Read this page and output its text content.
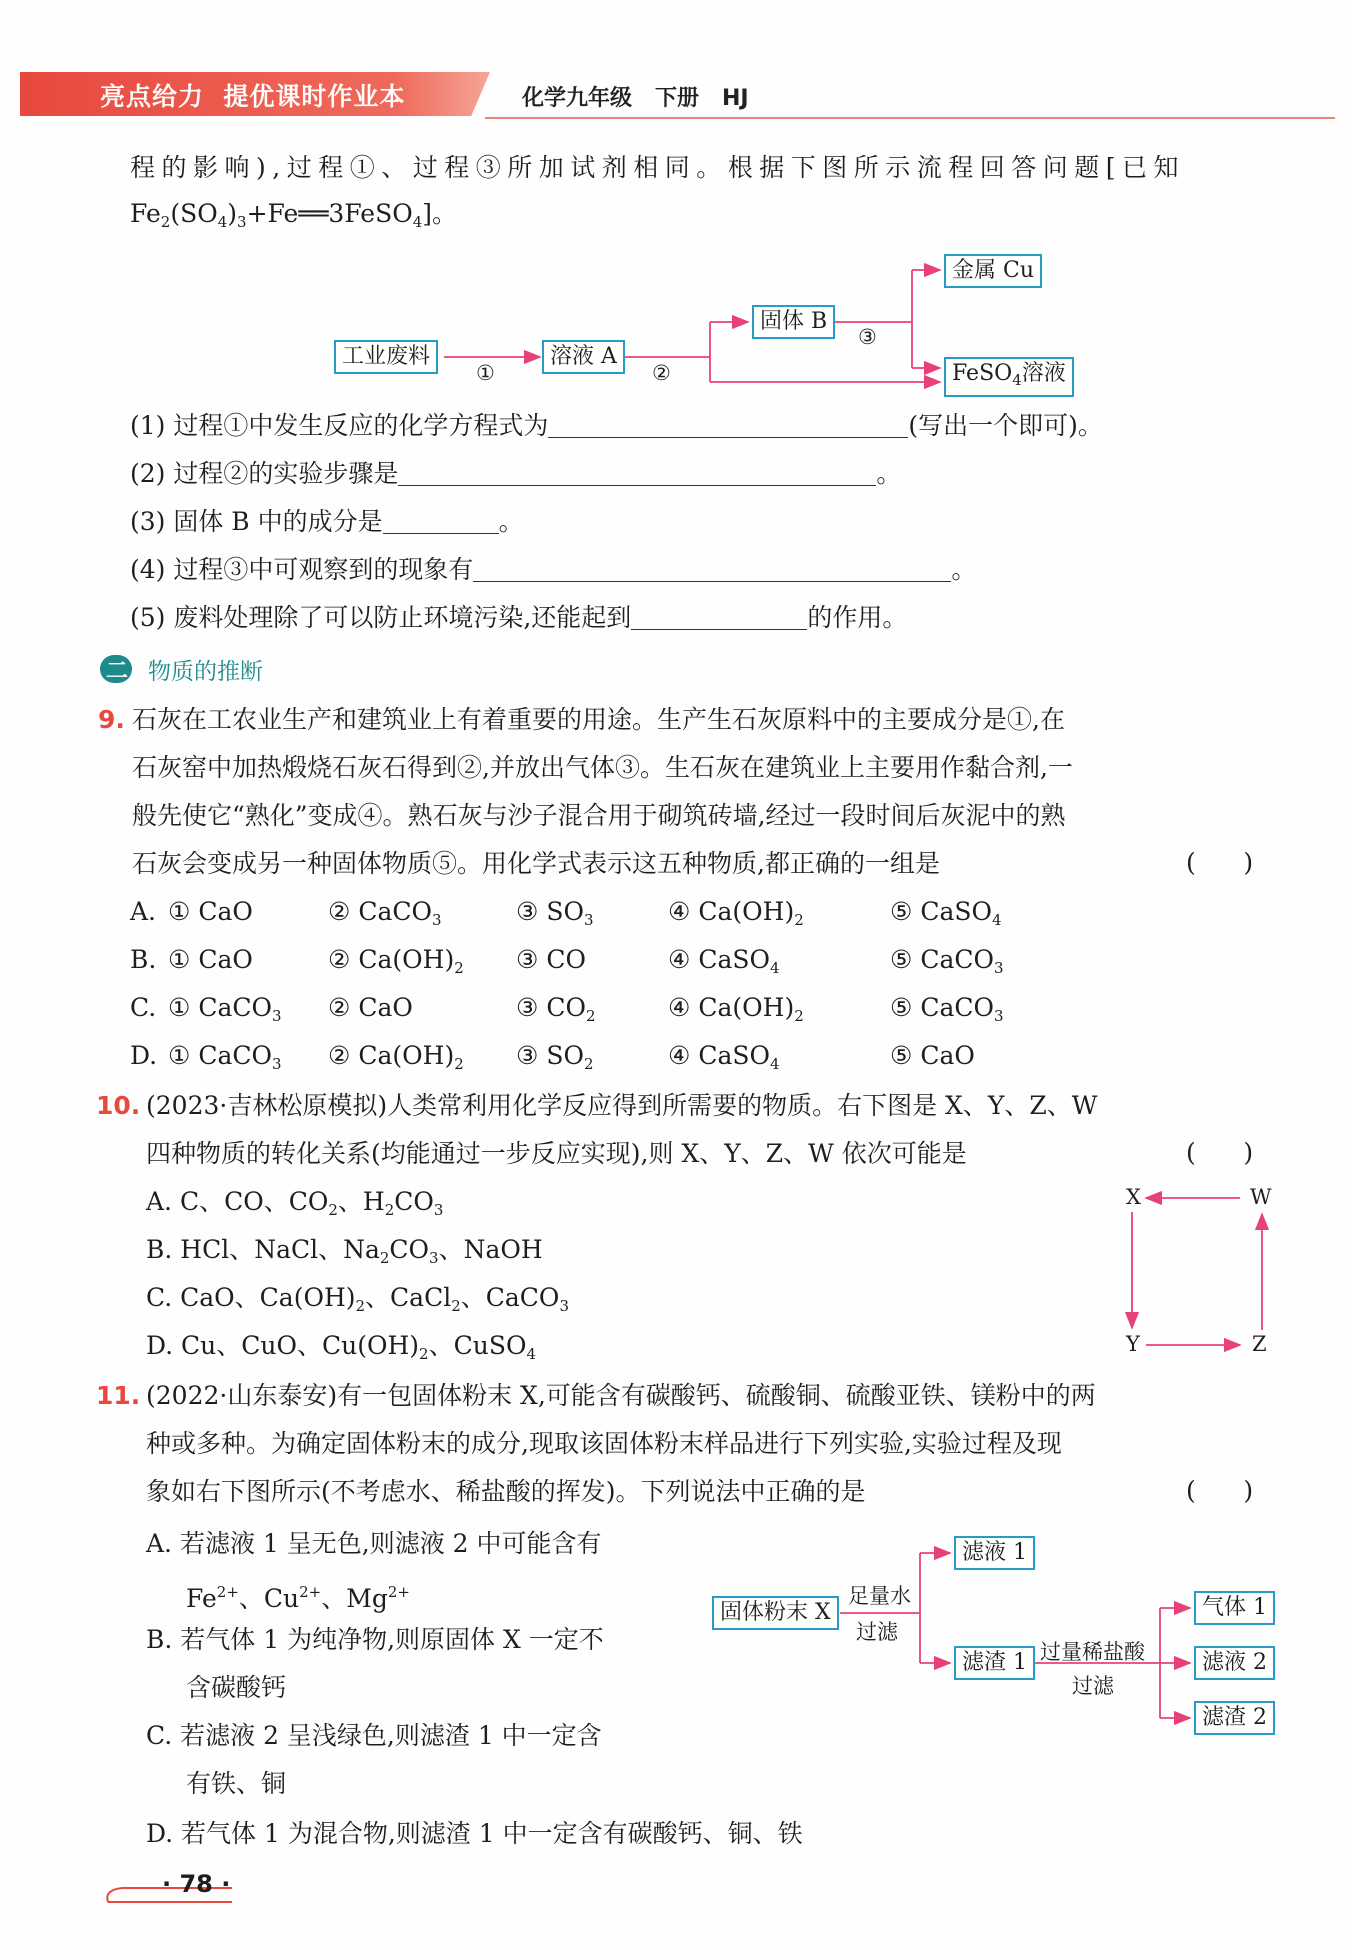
亮点给力  提优课时作业本	化学九年级   下册   HJ
程的影响),过程①、过程③所加试剂相同。根据下图所示流程回答问题[已知
$Fe_2(SO_4)_3+Fe══3FeSO_4$]。
工业废料	溶液 A
固体 B
金属 Cu
FeSO$_4$溶液
①	②
③
(1) 过程①中发生反应的化学方程式为	(写出一个即可)。
(2) 过程②的实验步骤是	。
(3) 固体 B 中的成分是	。
(4) 过程③中可观察到的现象有	。
(5) 废料处理除了可以防止环境污染,还能起到	的作用。
二 物质的推断
9. 石灰在工农业生产和建筑业上有着重要的用途。生产生石灰原料中的主要成分是①,在
石灰窑中加热煅烧石灰石得到②,并放出气体③。生石灰在建筑业上主要用作黏合剂,一
般先使它“熟化”变成④。熟石灰与沙子混合用于砌筑砖墙,经过一段时间后灰泥中的熟
石灰会变成另一种固体物质⑤。用化学式表示这五种物质,都正确的一组是	(      )
A. ① CaO	② CaCO$_3$	③ $SO_3$	④ $Ca(OH)_2$	⑤ CaSO$_4$
B. ① CaO	② $Ca(OH)_2$ ③ CO	④ CaSO$_4$	⑤ CaCO$_3$
C. ① CaCO$_3$ ② CaO	③ $CO_2$	④ $Ca(OH)_2$	⑤ CaCO$_3$
D. ① CaCO$_3$ ② $Ca(OH)_2$ ③ $SO_2$	④ CaSO$_4$	⑤ CaO
10. (2023·吉林松原模拟)人类常利用化学反应得到所需要的物质。右下图是 X、Y、Z、W
四种物质的转化关系(均能通过一步反应实现),则 X、Y、Z、W 依次可能是	(      )
A. C、CO、$CO_2$、$H_2CO_3$
B. HCl、NaCl、$Na_2CO_3$、NaOH
C. CaO、$Ca(OH)_2$、CaCl$_2$、CaCO$_3$
D. Cu、CuO、$Cu(OH)_2$、CuSO$_4$
X	W
Y	Z
11. (2022·山东泰安)有一包固体粉末 X,可能含有碳酸钙、硫酸铜、硫酸亚铁、镁粉中的两
种或多种。为确定固体粉末的成分,现取该固体粉末样品进行下列实验,实验过程及现
象如右下图所示(不考虑水、稀盐酸的挥发)。下列说法中正确的是	(      )
A. 若滤液 1 呈无色,则滤液 2 中可能含有
$Fe^{2+}$、$Cu^{2+}$、$Mg^{2+}$
B. 若气体 1 为纯净物,则原固体 X 一定不
含碳酸钙
C. 若滤液 2 呈浅绿色,则滤渣 1 中一定含
有铁、铜
D. 若气体 1 为混合物,则滤渣 1 中一定含有碳酸钙、铜、铁
固体粉末 X
足量水
过滤
滤液 1
滤渣 1 过量稀盐酸
过滤
气体 1
滤液 2
滤渣 2
· 78 ·
